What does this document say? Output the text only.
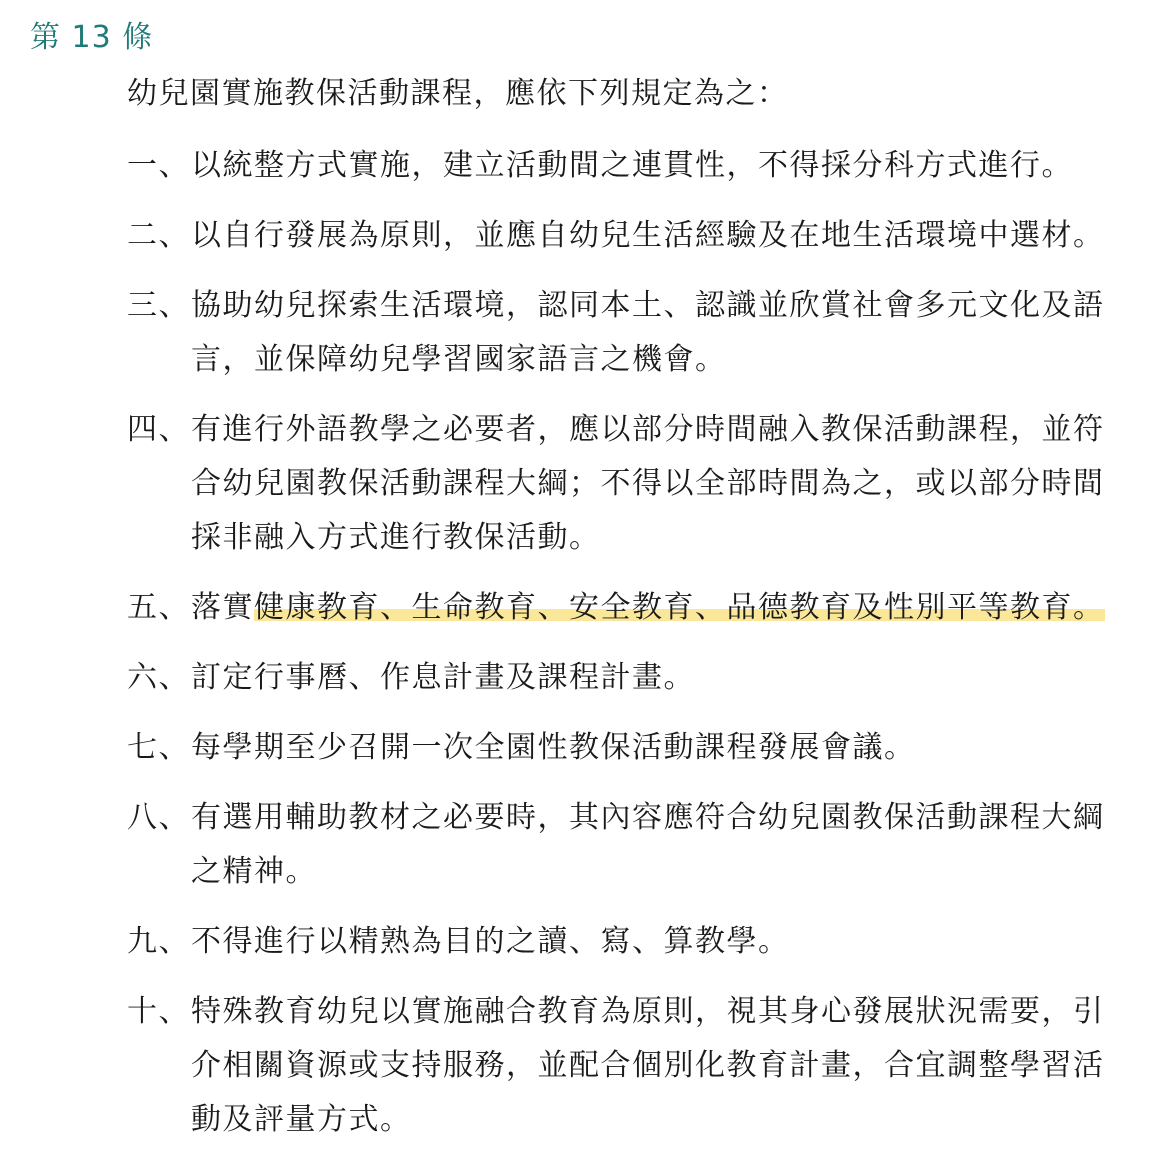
第 13 條
幼兒園實施教保活動課程，應依下列規定為之：
一、 以統整方式實施，建立活動間之連貫性，不得採分科方式進行。
二、 以自行發展為原則，並應自幼兒生活經驗及在地生活環境中選材。
三、 協助幼兒探索生活環境，認同本土、認識並欣賞社會多元文化及語言，並保障幼兒學習國家語言之機會。
四、 有進行外語教學之必要者，應以部分時間融入教保活動課程，並符合幼兒園教保活動課程大綱；不得以全部時間為之，或以部分時間採非融入方式進行教保活動。
五、 落實健康教育、生命教育、安全教育、品德教育及性別平等教育。
六、 訂定行事曆、作息計畫及課程計畫。
七、 每學期至少召開一次全園性教保活動課程發展會議。
八、 有選用輔助教材之必要時，其內容應符合幼兒園教保活動課程大綱之精神。
九、 不得進行以精熟為目的之讀、寫、算教學。
十、 特殊教育幼兒以實施融合教育為原則，視其身心發展狀況需要，引介相關資源或支持服務，並配合個別化教育計畫，合宜調整學習活動及評量方式。
